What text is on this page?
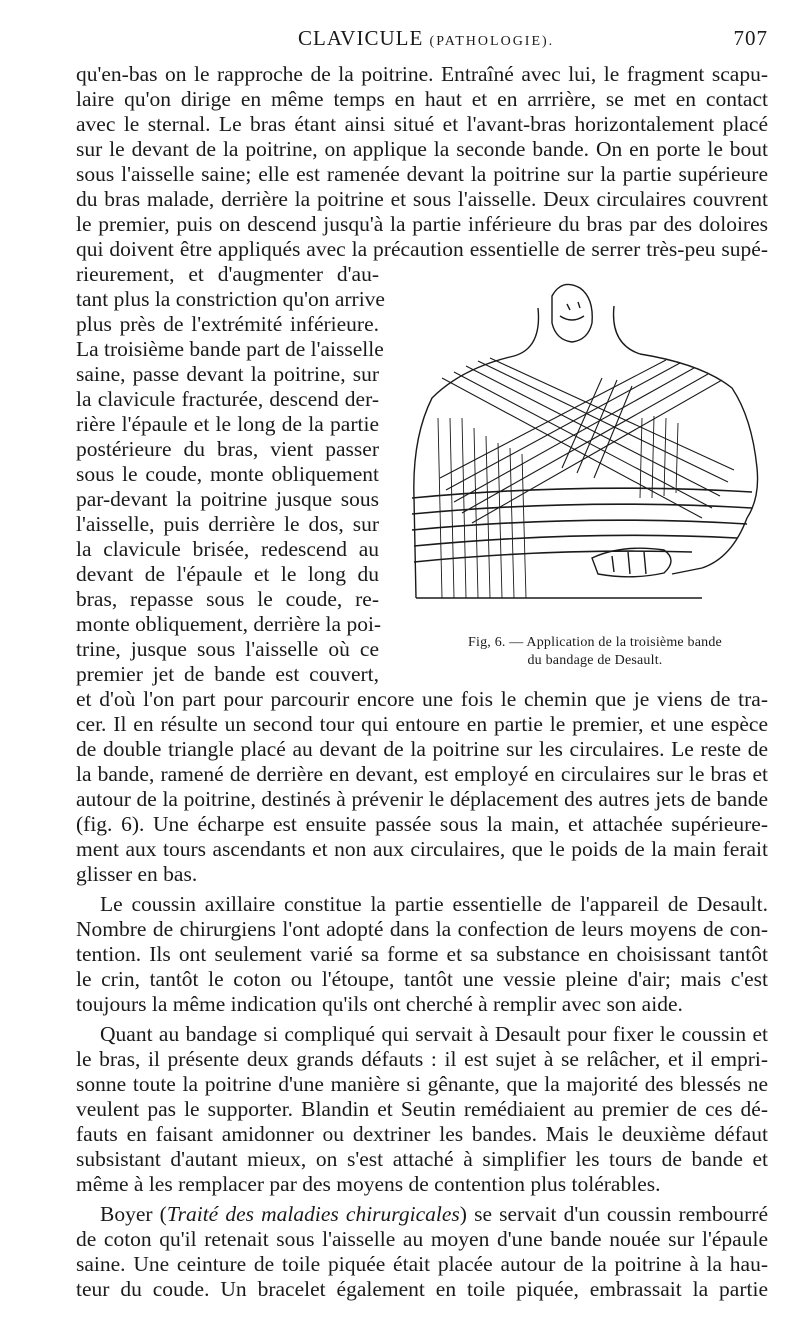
CLAVICULE (PATHOLOGIE).	707
qu'en-bas on le rapproche de la poitrine. Entraîné avec lui, le fragment scapu-
laire qu'on dirige en même temps en haut et en arrrière, se met en contact
avec le sternal. Le bras étant ainsi situé et l'avant-bras horizontalement placé
sur le devant de la poitrine, on applique la seconde bande. On en porte le bout
sous l'aisselle saine; elle est ramenée devant la poitrine sur la partie supérieure
du bras malade, derrière la poitrine et sous l'aisselle. Deux circulaires couvrent
le premier, puis on descend jusqu'à la partie inférieure du bras par des doloires
qui doivent être appliqués avec la précaution essentielle de serrer très-peu supé-
rieurement, et d'augmenter d'au-
tant plus la constriction qu'on arrive
plus près de l'extrémité inférieure.
La troisième bande part de l'aisselle
saine, passe devant la poitrine, sur
la clavicule fracturée, descend der-
rière l'épaule et le long de la partie
postérieure du bras, vient passer
sous le coude, monte obliquement
par-devant la poitrine jusque sous
l'aisselle, puis derrière le dos, sur
la clavicule brisée, redescend au
devant de l'épaule et le long du
bras, repasse sous le coude, re-
monte obliquement, derrière la poi-
trine, jusque sous l'aisselle où ce
premier jet de bande est couvert,
et d'où l'on part pour parcourir encore une fois le chemin que je viens de tra-
cer. Il en résulte un second tour qui entoure en partie le premier, et une espèce
de double triangle placé au devant de la poitrine sur les circulaires. Le reste de
la bande, ramené de derrière en devant, est employé en circulaires sur le bras et
autour de la poitrine, destinés à prévenir le déplacement des autres jets de bande
(fig. 6). Une écharpe est ensuite passée sous la main, et attachée supérieure-
ment aux tours ascendants et non aux circulaires, que le poids de la main ferait
glisser en bas.
Le coussin axillaire constitue la partie essentielle de l'appareil de Desault.
Nombre de chirurgiens l'ont adopté dans la confection de leurs moyens de con-
tention. Ils ont seulement varié sa forme et sa substance en choisissant tantôt
le crin, tantôt le coton ou l'étoupe, tantôt une vessie pleine d'air; mais c'est
toujours la même indication qu'ils ont cherché à remplir avec son aide.
Quant au bandage si compliqué qui servait à Desault pour fixer le coussin et
le bras, il présente deux grands défauts : il est sujet à se relâcher, et il empri-
sonne toute la poitrine d'une manière si gênante, que la majorité des blessés ne
veulent pas le supporter. Blandin et Seutin remédiaient au premier de ces dé-
fauts en faisant amidonner ou dextriner les bandes. Mais le deuxième défaut
subsistant d'autant mieux, on s'est attaché à simplifier les tours de bande et
même à les remplacer par des moyens de contention plus tolérables.
Boyer (Traité des maladies chirurgicales) se servait d'un coussin rembourré
de coton qu'il retenait sous l'aisselle au moyen d'une bande nouée sur l'épaule
saine. Une ceinture de toile piquée était placée autour de la poitrine à la hau-
teur du coude. Un bracelet également en toile piquée, embrassait la partie
Fig, 6. — Application de la troisième bande
du bandage de Desault.
